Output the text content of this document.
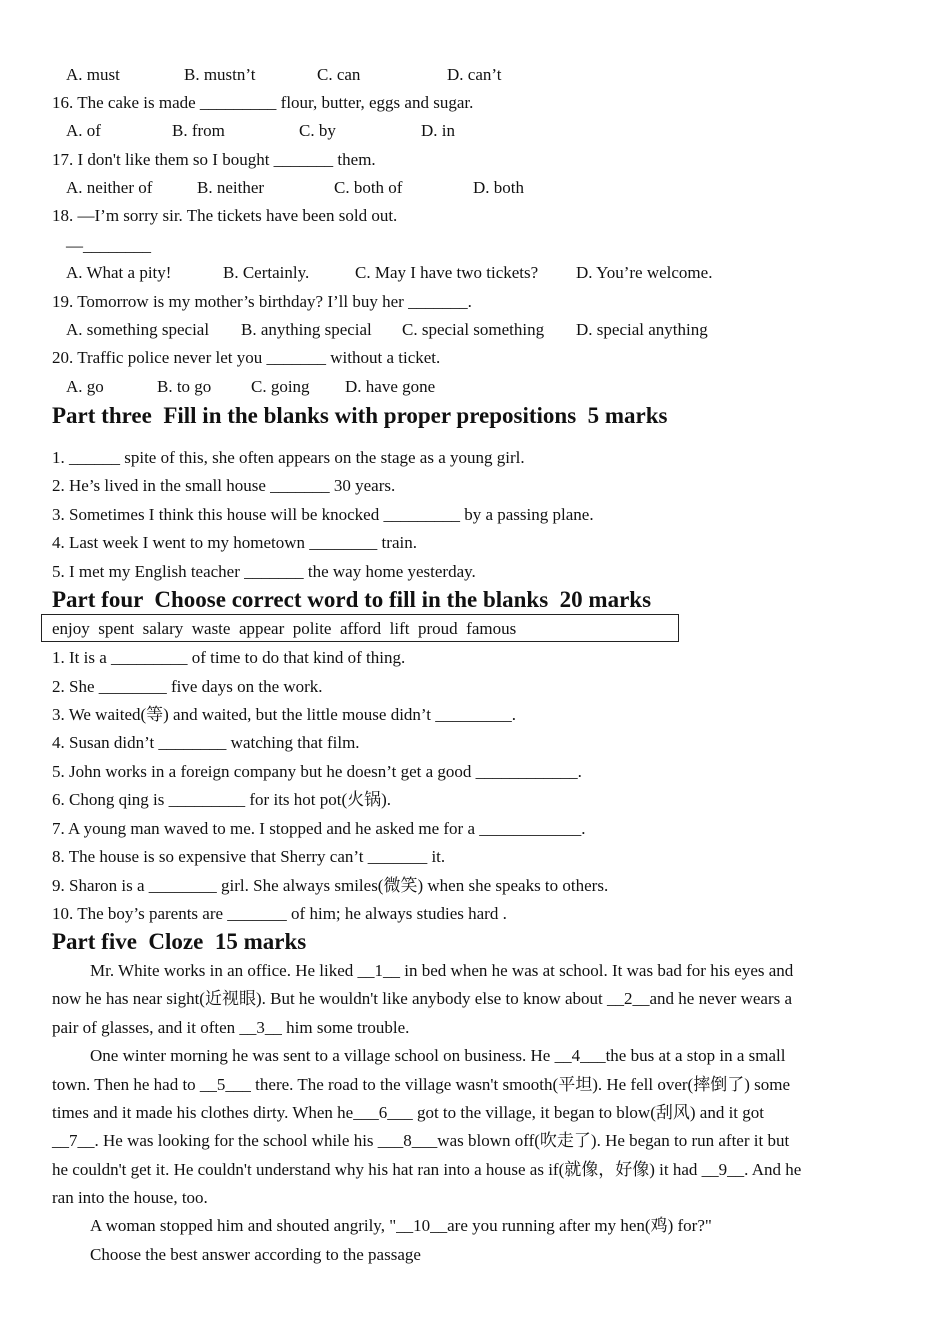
A. must	B. mustn’t	C. can	D. can’t
16. The cake is made _________ flour, butter, eggs and sugar.
A. of	B. from	C. by	D. in
17. I don't like them so I bought _______ them.
A. neither of	B. neither	C. both of	D. both
18. —I’m sorry sir. The tickets have been sold out.
—________
A. What a pity!	B. Certainly.	C. May I have two tickets? D. You’re welcome.
19. Tomorrow is my mother’s birthday? I’ll buy her _______.
A. something special B. anything special C. special something D. special anything
20. Traffic police never let you _______ without a ticket.
A. go	B. to go C. going D. have gone
Part three  Fill in the blanks with proper prepositions  5 marks
1. ______ spite of this, she often appears on the stage as a young girl.
2. He’s lived in the small house _______ 30 years.
3. Sometimes I think this house will be knocked _________ by a passing plane.
4. Last week I went to my hometown ________ train.
5. I met my English teacher _______ the way home yesterday.
Part four  Choose correct word to fill in the blanks  20 marks
enjoy  spent  salary  waste  appear  polite  afford  lift  proud  famous
1. It is a _________ of time to do that kind of thing.
2. She ________ five days on the work.
3. We waited(等) and waited, but the little mouse didn’t _________.
4. Susan didn’t ________ watching that film.
5. John works in a foreign company but he doesn’t get a good ____________.
6. Chong qing is _________ for its hot pot(火锅).
7. A young man waved to me. I stopped and he asked me for a ____________.
8. The house is so expensive that Sherry can’t _______ it.
9. Sharon is a ________ girl. She always smiles(微笑) when she speaks to others.
10. The boy’s parents are _______ of him; he always studies hard .
Part five  Cloze  15 marks
Mr. White works in an office. He liked __1__ in bed when he was at school. It was bad for his eyes and
now he has near sight(近视眼). But he wouldn't like anybody else to know about __2__and he never wears a
pair of glasses, and it often __3__ him some trouble.
One winter morning he was sent to a village school on business. He __4___the bus at a stop in a small
town. Then he had to __5___ there. The road to the village wasn't smooth(平坦). He fell over(摔倒了) some
times and it made his clothes dirty. When he___6___ got to the village, it began to blow(刮风) and it got
__7__. He was looking for the school while his ___8___was blown off(吹走了). He began to run after it but
he couldn't get it. He couldn't understand why his hat ran into a house as if(就像，好像) it had __9__. And he
ran into the house, too.
A woman stopped him and shouted angrily, "__10__are you running after my hen(鸡) for?"
Choose the best answer according to the passage
